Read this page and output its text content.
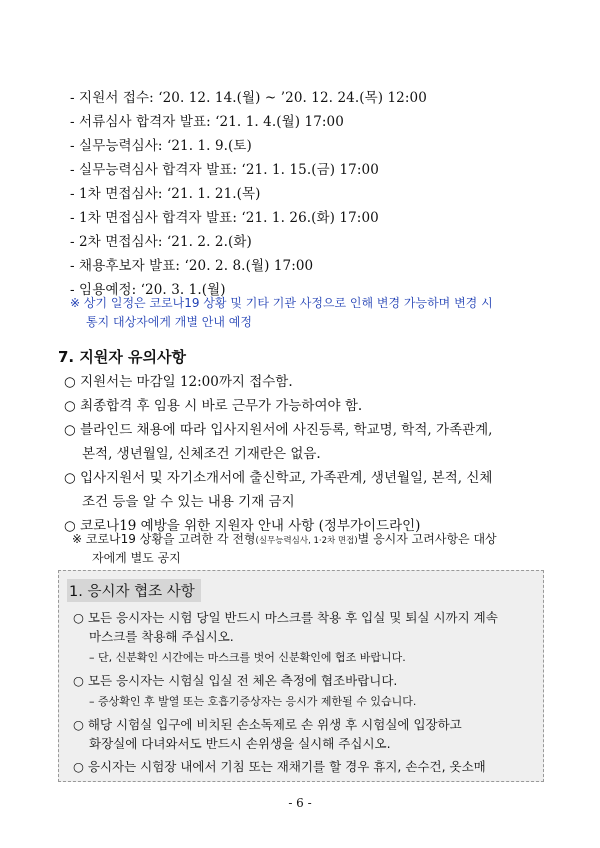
- 지원서 접수: ‘20. 12. 14.(월) ~ ’20. 12. 24.(목) 12:00
- 서류심사 합격자 발표: ‘21. 1. 4.(월) 17:00
- 실무능력심사: ‘21. 1. 9.(토)
- 실무능력심사 합격자 발표: ‘21. 1. 15.(금) 17:00
- 1차 면접심사: ‘21. 1. 21.(목)
- 1차 면접심사 합격자 발표: ‘21. 1. 26.(화) 17:00
- 2차 면접심사: ‘21. 2. 2.(화)
- 채용후보자 발표: ‘20. 2. 8.(월) 17:00
- 임용예정: ‘20. 3. 1.(월)
※ 상기 일정은 코로나19 상황 및 기타 기관 사정으로 인해 변경 가능하며 변경 시
통지 대상자에게 개별 안내 예정
7. 지원자 유의사항
○ 지원서는 마감일 12:00까지 접수함.
○ 최종합격 후 임용 시 바로 근무가 가능하여야 함.
○ 블라인드 채용에 따라 입사지원서에 사진등록, 학교명, 학적, 가족관계,
본적, 생년월일, 신체조건 기재란은 없음.
○ 입사지원서 및 자기소개서에 출신학교, 가족관계, 생년월일, 본적, 신체
조건 등을 알 수 있는 내용 기재 금지
○ 코로나19 예방을 위한 지원자 안내 사항 (정부가이드라인)
※ 코로나19 상황을 고려한 각 전형(실무능력심사, 1·2차 면접)별 응시자 고려사항은 대상
자에게 별도 공지
1. 응시자 협조 사항
○ 모든 응시자는 시험 당일 반드시 마스크를 착용 후 입실 및 퇴실 시까지 계속
마스크를 착용해 주십시오.
– 단, 신분확인 시간에는 마스크를 벗어 신분확인에 협조 바랍니다.
○ 모든 응시자는 시험실 입실 전 체온 측정에 협조바랍니다.
– 증상확인 후 발열 또는 호흡기증상자는 응시가 제한될 수 있습니다.
○ 해당 시험실 입구에 비치된 손소독제로 손 위생 후 시험실에 입장하고
화장실에 다녀와서도 반드시 손위생을 실시해 주십시오.
○ 응시자는 시험장 내에서 기침 또는 재채기를 할 경우 휴지, 손수건, 옷소매
- 6 -
